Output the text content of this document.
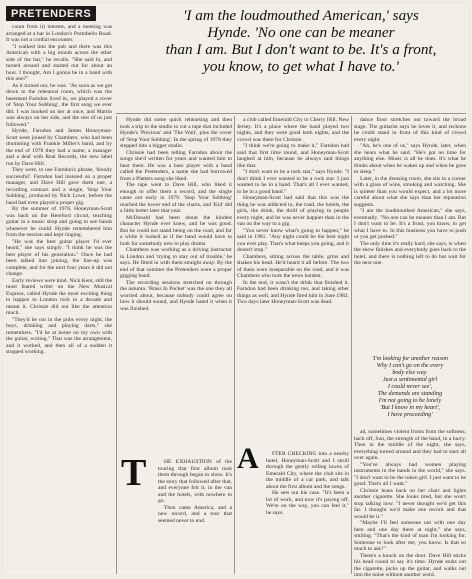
PRETENDERS	'I am the loudmouthed American,' says
Hynde. 'No one can be meaner
than I am. But I don't want to be. It's a front,
you know, to get what I have to.'

count from it) interest, and a meeting was arranged at a bar in London's Portobello Road. It was not a cordial encounter.

"I walked into the pub and there was this American with a big mouth across the other side of the bar," he recalls. "She said hi, and turned around and started out for about an hour. I thought, Am I gonna be in a band with this one?"

As it turned out, he was. "As soon as we got down to the rehearsal room, which was the basement Farndon lived in, we played a cover of 'Stop Your Sobbing', the first song we ever did. I was hooked on her at once, and Martin was always on her side, and the rest of us just followed."

Hynde, Farndon and James Honeyman-Scott were joined by Chambers, who had been drumming with Frankie Miller's band, and by the end of 1978 they had a name, a manager and a deal with Real Records, the new label run by Dave Hill.

They were, to use Farndon's phrase, 'bloody successful'. Farndon had insisted on a proper manager, and Dave Hill gave them one, a recording contract and a single, 'Stop Your Sobbing', produced by Nick Lowe, before the band had even played a proper gig.

By the summer of 1978, Honeyman-Scott was back on the Hereford circuit, teaching guitar in a music shop and going to see bands whenever he could. Hynde remembered him from the session and kept ringing.

"He was the best guitar player I'd ever heard," she says simply. "I think he was the best player of his generation." Once he had been talked into joining, the line-up was complete, and for the next four years it did not change.

Early reviews were kind. Nick Kent, still the most feared writer on the New Musical Express, called Hynde the most exciting thing to happen to London rock in a decade and meant it. Chrissie did not like the attention much.

"They'd be out in the pubs every night, the boys, drinking and playing darts," she remembers. "I'd be at home on my own with the guitar, writing." That was the arrangement, and it worked, and then all of a sudden it stopped working.

Hynde did some quick rehearsing and then took a trip to the studio to cut a tape that included Hynde's 'Precious' and 'The Wait', plus the cover of 'Stop Your Sobbing'. In the spring of 1978 they stepped into a bigger studio.

Chrissie had been telling Farndon about the songs she'd written for years and wanted him to hear them. He was a bass player with a band called the Pretenders, a name she had borrowed from a Platters song she liked.

The tape went to Dave Hill, who liked it enough to offer them a record, and the single came out early in 1979. 'Stop Your Sobbing' reached the lower end of the charts, and 'Kid' did a little better later that year.

McDonald had been about the kindest character Hynde ever knew, and he was good. But he could not stand being on the road, and for a while it looked as if the band would have to look for somebody new to play drums.

Chambers was working as a driving instructor in London and 'trying to stay out of trouble,' he says. He fitted in with them straight away. By the end of that summer the Pretenders were a proper gigging band.

The recording sessions stretched on through the autumn. 'Brass In Pocket' was the one they all worried about, because nobody could agree on how it should sound, and Hynde hated it when it was finished.

T	HE EXHAUSTION of the touring that first album took them through began to show. It's the story that followed after that, and everyone felt it, in the van and the hotels, with nowhere to go.

Then came America, and a new record, and a tour that seemed never to end.

a club called Emerald City in Cherry Hill, New Jersey. It's a place where the band played two nights, and they were good both nights, and the crowd was there for Chrissie.

"I think we're going to make it," Farndon had said that first time round, and Honeyman-Scott laughed at him, because he always said things like that.

"I don't want to be a rock star," says Hynde. "I don't think I ever wanted to be a rock star. I just wanted to be in a band. That's all I ever wanted, to be in a good band."

Honeyman-Scott had said that this was the thing he was addicted to, the road, the hotels, the girls, the drink, the thrill of playing to people every night, and he was never happier than in the van on the way to a gig.

"You never know what's going to happen," he said in 1981. "Any night could be the best night you ever play. That's what keeps you going, and it doesn't stop."

Chambers, sitting across the table, grins and shakes his head. He'd heard it all before. The two of them were inseparable on the road, and it was Chambers who took the news hardest.

In the end, it wasn't the drink that finished it. Farndon had been drinking too, and taking other things as well, and Hynde fired him in June 1982. Two days later Honeyman-Scott was dead.

A	FTER CHECKING into a nearby hotel, Honeyman-Scott and I stroll through the gently rolling lawns of Emerald City, where the club sits in the middle of a car park, and talk about the first album and the songs.

He sets out his case. "It's been a lot of work, and now it's paying off. We're on the way, you can feel it," he says.

dance floor stretches out toward the broad stage. The guitarist says he loves it, and reckons he could stand in front of this kind of crowd every night.

"Ah, he's one of us," says Hynde, later, when she hears what he said. "He's got no time for anything else. Music is all he does. It's what he thinks about when he wakes up and when he goes to sleep."

Later, in the dressing room, she sits in a corner with a glass of wine, smoking and watching. She is quieter than you would expect, and a lot more careful about what she says than her reputation suggests.

"I am the loudmouthed American," she says, eventually. "No one can be meaner than I am. But I don't want to be. It's a front, you know, to get what I have to. In this business you have to push or you get pushed."

The only time it's really hard, she says, is when the show finishes and everybody goes back to the hotel, and there is nothing left to do but wait for the next one.

'I'm looking for another reason
Why I can't go on the every
body else way.
Just a sentimental girl
I could never see',
The demands are standing
I'm not going to be lonely
'But I know in my heart',
I have proceeding'

ad, sometimes violent fronts from the softness; back off, Sun, the strength of the band, in a hurry. Then in the middle of the night, she says, everything turned around and they had to start all over again.

"You've always had women playing instruments in the bands in the world," she says. "I don't want to be the token girl. I just want to be good. That's all I want."

Chrissie leans back on her chair and lights another cigarette. She looks tired, but she won't stop talking now. "I never thought we'd get this far. I thought we'd make one record and that would be it."

"Maybe I'll feel someone out with one day here and one day there at night," she says, smiling. "That's the kind of man I'm looking for. Someone to look after me, you know. Is that so much to ask?"

There's a knock on the door. Dave Hill sticks his head round to say it's time. Hynde stubs out the cigarette, picks up the guitar, and walks out into the noise without another word.
